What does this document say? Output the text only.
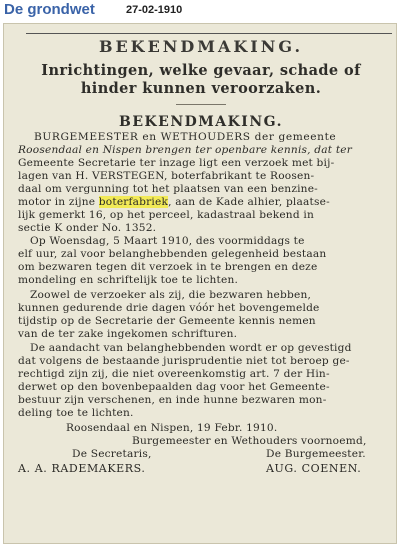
De grondwet	27-02-1910
BEKENDMAKING.
Inrichtingen, welke gevaar, schade of
hinder kunnen veroorzaken.
BEKENDMAKING.
BURGEMEESTER en WETHOUDERS der gemeente
Roosendaal en Nispen brengen ter openbare kennis, dat ter
Gemeente Secretarie ter inzage ligt een verzoek met bij-
lagen van H. VERSTEGEN, boterfabrikant te Roosen-
daal om vergunning tot het plaatsen van een benzine-
motor in zijne boterfabriek, aan de Kade alhier, plaatse-
lijk gemerkt 16, op het perceel, kadastraal bekend in
sectie K onder No. 1352.
Op Woensdag, 5 Maart 1910, des voormiddags te
elf uur, zal voor belanghebbenden gelegenheid bestaan
om bezwaren tegen dit verzoek in te brengen en deze
mondeling en schriftelijk toe te lichten.
Zoowel de verzoeker als zij, die bezwaren hebben,
kunnen gedurende drie dagen vóór het bovengemelde
tijdstip op de Secretarie der Gemeente kennis nemen
van de ter zake ingekomen schrifturen.
De aandacht van belanghebbenden wordt er op gevestigd
dat volgens de bestaande jurisprudentie niet tot beroep ge-
rechtigd zijn zij, die niet overeenkomstig art. 7 der Hin-
derwet op den bovenbepaalden dag voor het Gemeente-
bestuur zijn verschenen, en inde hunne bezwaren mon-
deling toe te lichten.
Roosendaal en Nispen, 19 Febr. 1910.
Burgemeester en Wethouders voornoemd,
De Secretaris,	De Burgemeester.
A. A. RADEMAKERS.	AUG. COENEN.
